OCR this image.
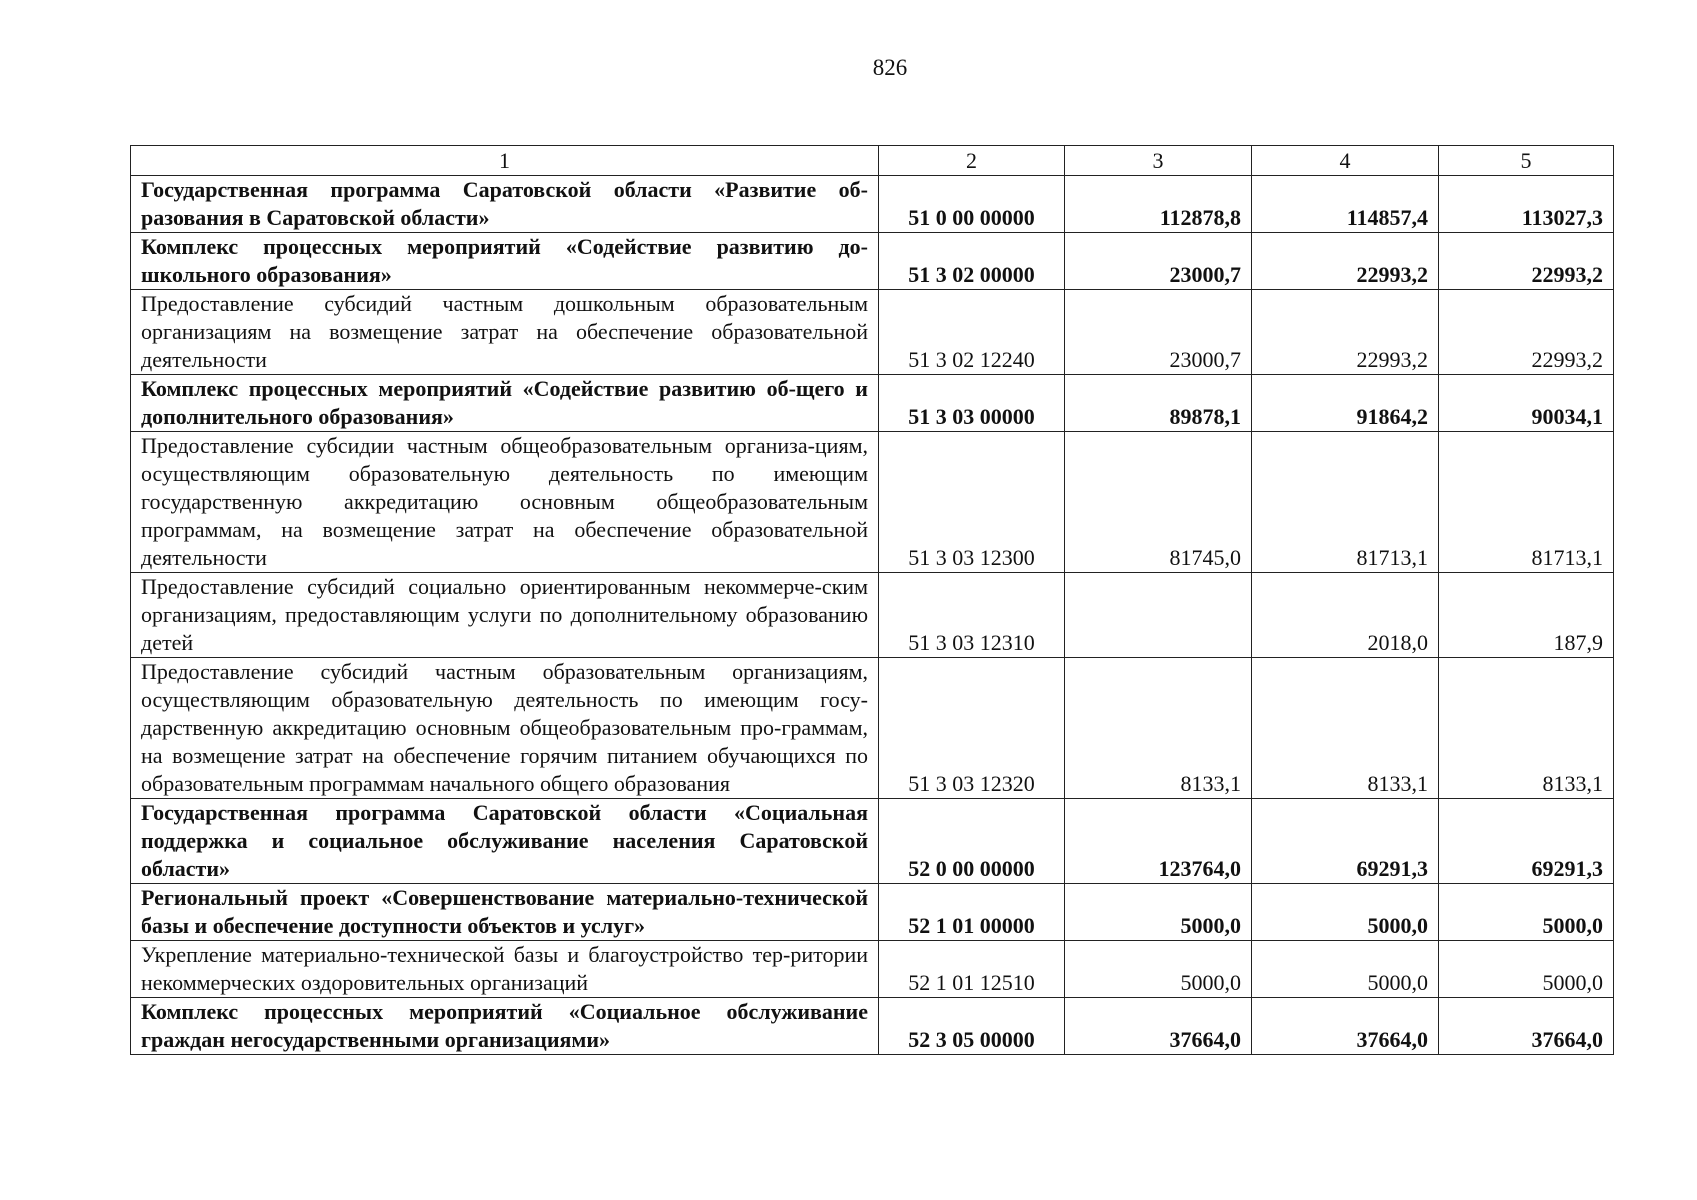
826
1	2	3	4	5
Государственная программа Саратовской области «Развитие об-разования в Саратовской области»	51 0 00 00000	112878,8	114857,4	113027,3
Комплекс процессных мероприятий «Содействие развитию до-школьного образования»	51 3 02 00000	23000,7	22993,2	22993,2
Предоставление субсидий частным дошкольным образовательным организациям на возмещение затрат на обеспечение образовательной деятельности	51 3 02 12240	23000,7	22993,2	22993,2
Комплекс процессных мероприятий «Содействие развитию об-щего и дополнительного образования»	51 3 03 00000	89878,1	91864,2	90034,1
Предоставление субсидии частным общеобразовательным организа-циям, осуществляющим образовательную деятельность по имеющим государственную аккредитацию основным общеобразовательным программам, на возмещение затрат на обеспечение образовательной деятельности	51 3 03 12300	81745,0	81713,1	81713,1
Предоставление субсидий социально ориентированным некоммерче-ским организациям, предоставляющим услуги по дополнительному образованию детей	51 3 03 12310		2018,0	187,9
Предоставление субсидий частным образовательным организациям, осуществляющим образовательную деятельность по имеющим госу-дарственную аккредитацию основным общеобразовательным про-граммам, на возмещение затрат на обеспечение горячим питанием обучающихся по образовательным программам начального общего образования	51 3 03 12320	8133,1	8133,1	8133,1
Государственная программа Саратовской области «Социальная поддержка и социальное обслуживание населения Саратовской области»	52 0 00 00000	123764,0	69291,3	69291,3
Региональный проект «Совершенствование материально-технической базы и обеспечение доступности объектов и услуг»	52 1 01 00000	5000,0	5000,0	5000,0
Укрепление материально-технической базы и благоустройство тер-ритории некоммерческих оздоровительных организаций	52 1 01 12510	5000,0	5000,0	5000,0
Комплекс процессных мероприятий «Социальное обслуживание граждан негосударственными организациями»	52 3 05 00000	37664,0	37664,0	37664,0
